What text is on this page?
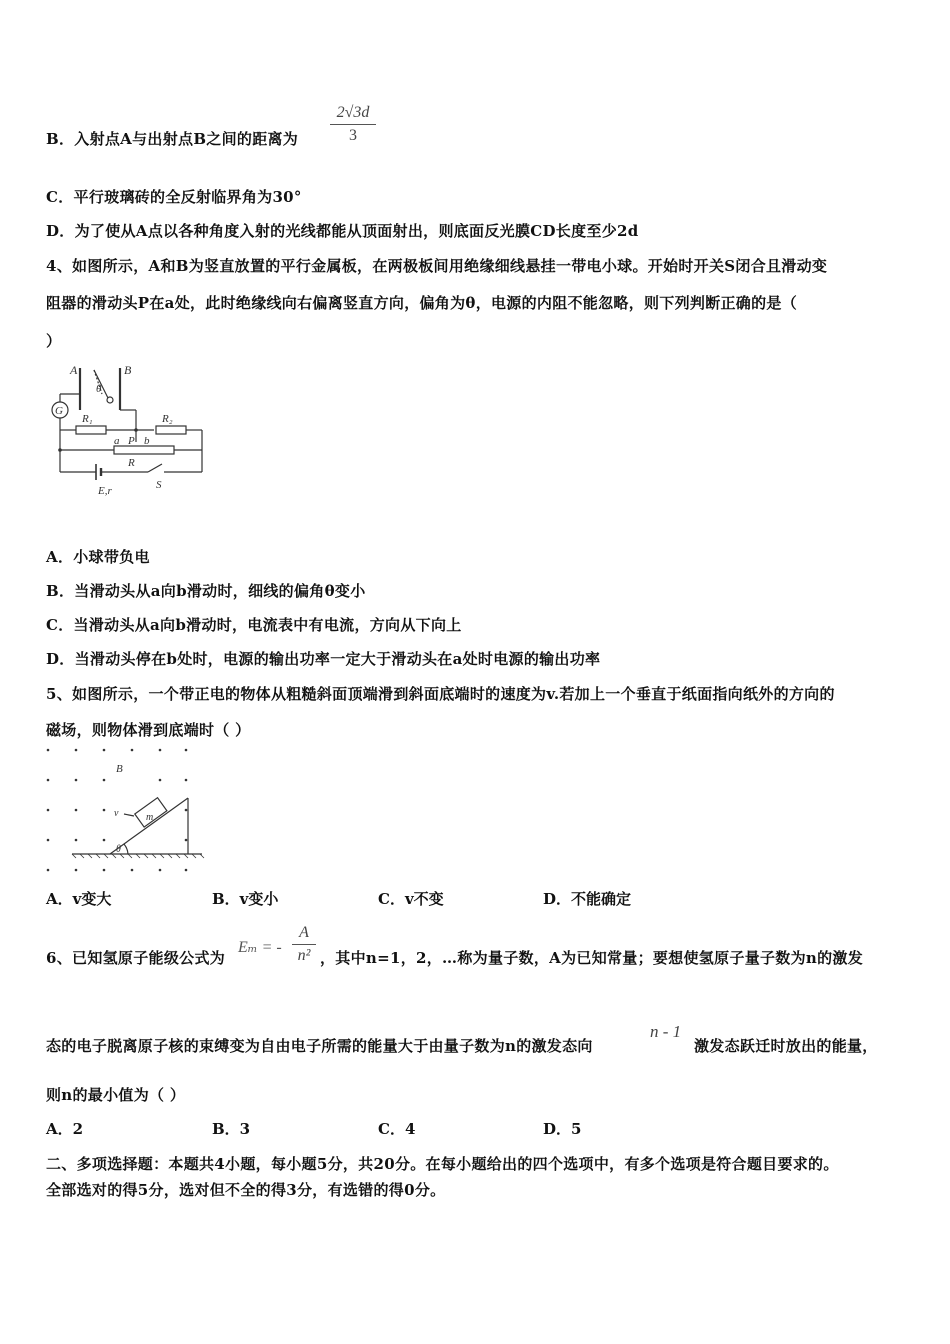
B．入射点A与出射点B之间的距离为
2√3d
3
C．平行玻璃砖的全反射临界角为30°
D．为了使从A点以各种角度入射的光线都能从顶面射出，则底面反光膜CD长度至少2d
4、如图所示，A和B为竖直放置的平行金属板，在两极板间用绝缘细线悬挂一带电小球。开始时开关S闭合且滑动变
阻器的滑动头P在a处，此时绝缘线向右偏离竖直方向，偏角为θ，电源的内阻不能忽略，则下列判断正确的是（
）
A	B
θ
G
R₁	R₂
a P b
R
E,r	S
A．小球带负电
B．当滑动头从a向b滑动时，细线的偏角θ变小
C．当滑动头从a向b滑动时，电流表中有电流，方向从下向上
D．当滑动头停在b处时，电源的输出功率一定大于滑动头在a处时电源的输出功率
5、如图所示，一个带正电的物体从粗糙斜面顶端滑到斜面底端时的速度为v.若加上一个垂直于纸面指向纸外的方向的
磁场，则物体滑到底端时（ ）
B
v	m
θ
A．v变大	B．v变小	C．v不变	D．不能确定
6、已知氢原子能级公式为
Eₘ = -
A
n² ，其中n=1，2，…称为量子数，A为已知常量；要想使氢原子量子数为n的激发
态的电子脱离原子核的束缚变为自由电子所需的能量大于由量子数为n的激发态向
n - 1
激发态跃迁时放出的能量，
则n的最小值为（ ）
A．2	B．3	C．4	D．5
二、多项选择题：本题共4小题，每小题5分，共20分。在每小题给出的四个选项中，有多个选项是符合题目要求的。
全部选对的得5分，选对但不全的得3分，有选错的得0分。
